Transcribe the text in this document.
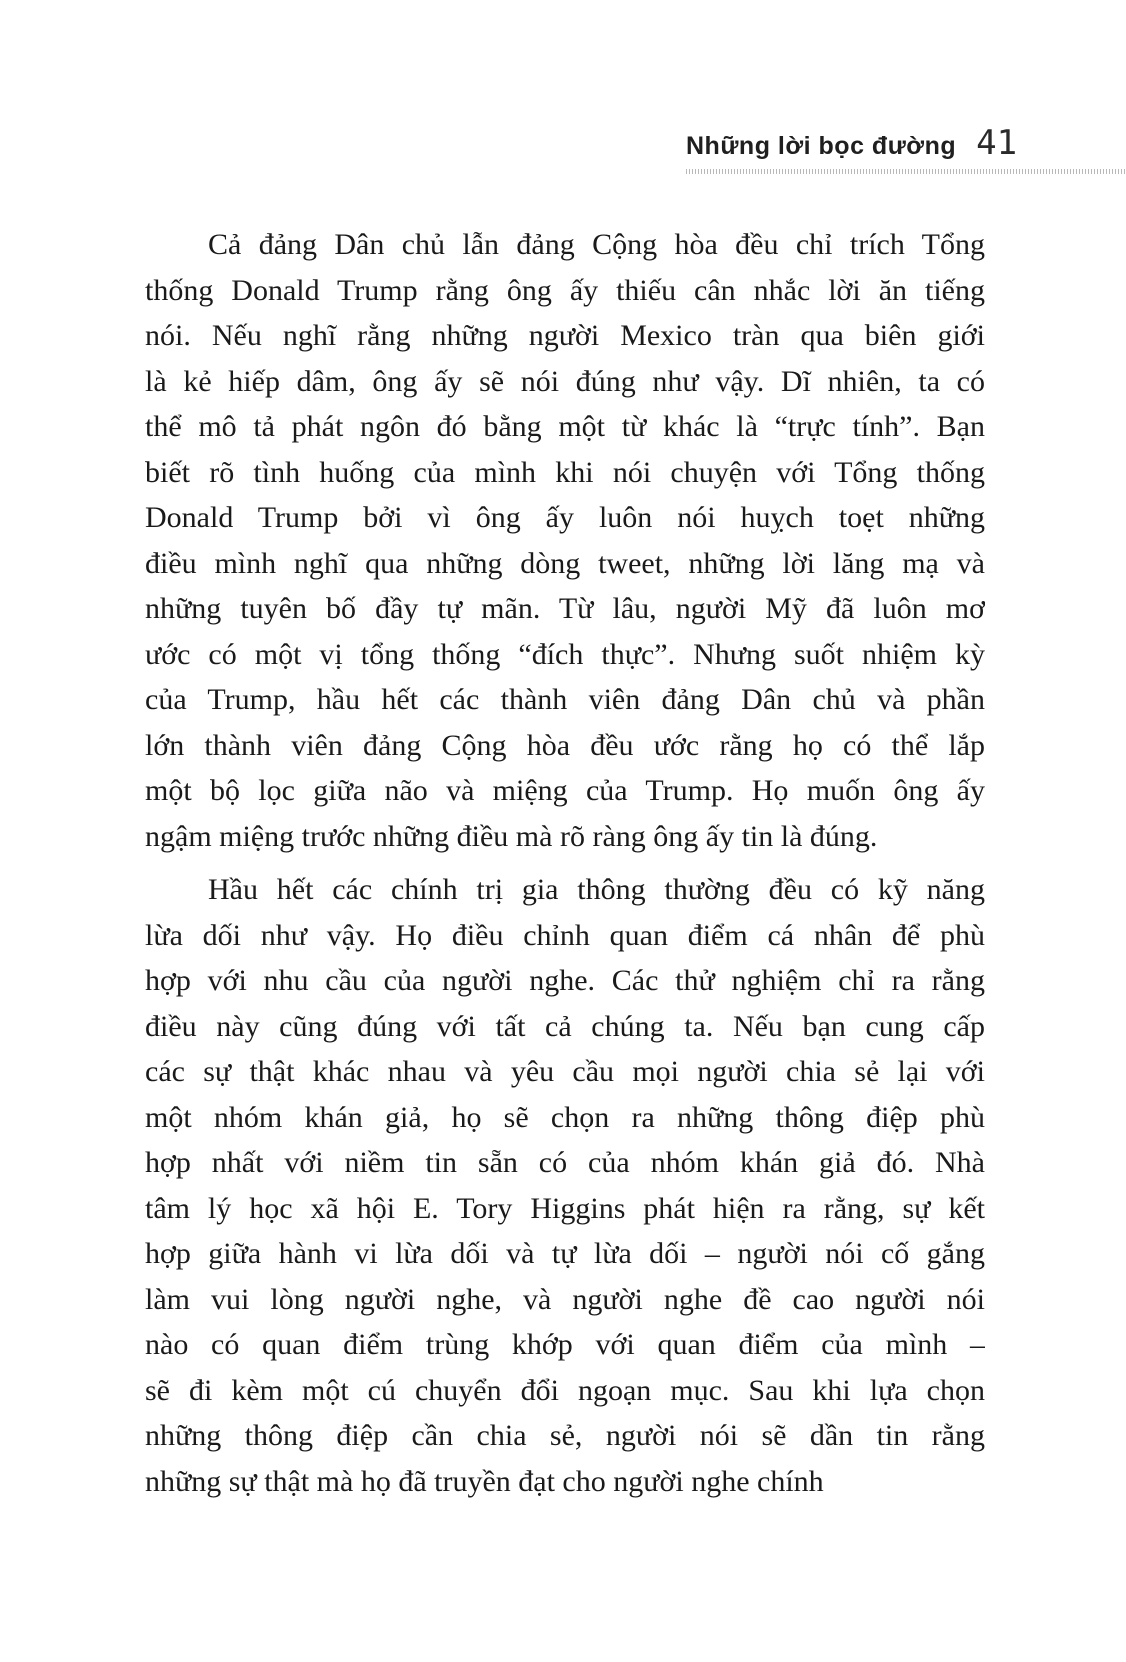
Những lời bọc đường 41
Cả đảng Dân chủ lẫn đảng Cộng hòa đều chỉ trích Tổng
thống Donald Trump rằng ông ấy thiếu cân nhắc lời ăn tiếng
nói. Nếu nghĩ rằng những người Mexico tràn qua biên giới
là kẻ hiếp dâm, ông ấy sẽ nói đúng như vậy. Dĩ nhiên, ta có
thể mô tả phát ngôn đó bằng một từ khác là “trực tính”. Bạn
biết rõ tình huống của mình khi nói chuyện với Tổng thống
Donald Trump bởi vì ông ấy luôn nói huỵch toẹt những
điều mình nghĩ qua những dòng tweet, những lời lăng mạ và
những tuyên bố đầy tự mãn. Từ lâu, người Mỹ đã luôn mơ
ước có một vị tổng thống “đích thực”. Nhưng suốt nhiệm kỳ
của Trump, hầu hết các thành viên đảng Dân chủ và phần
lớn thành viên đảng Cộng hòa đều ước rằng họ có thể lắp
một bộ lọc giữa não và miệng của Trump. Họ muốn ông ấy
ngậm miệng trước những điều mà rõ ràng ông ấy tin là đúng.
Hầu hết các chính trị gia thông thường đều có kỹ năng
lừa dối như vậy. Họ điều chỉnh quan điểm cá nhân để phù
hợp với nhu cầu của người nghe. Các thử nghiệm chỉ ra rằng
điều này cũng đúng với tất cả chúng ta. Nếu bạn cung cấp
các sự thật khác nhau và yêu cầu mọi người chia sẻ lại với
một nhóm khán giả, họ sẽ chọn ra những thông điệp phù
hợp nhất với niềm tin sẵn có của nhóm khán giả đó. Nhà
tâm lý học xã hội E. Tory Higgins phát hiện ra rằng, sự kết
hợp giữa hành vi lừa dối và tự lừa dối – người nói cố gắng
làm vui lòng người nghe, và người nghe đề cao người nói
nào có quan điểm trùng khớp với quan điểm của mình –
sẽ đi kèm một cú chuyển đổi ngoạn mục. Sau khi lựa chọn
những thông điệp cần chia sẻ, người nói sẽ dần tin rằng
những sự thật mà họ đã truyền đạt cho người nghe chính
